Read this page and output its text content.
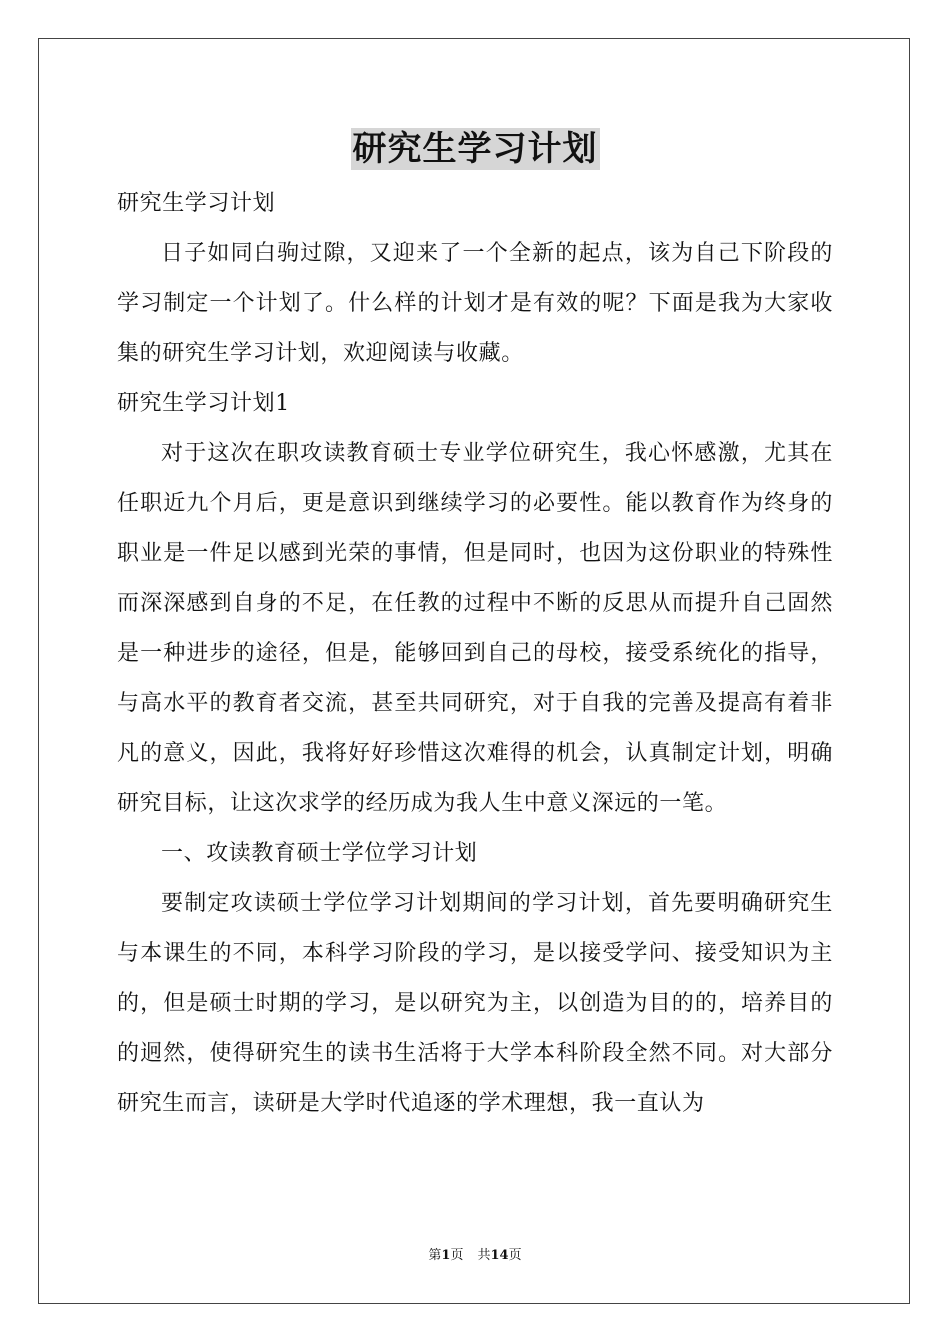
研究生学习计划

研究生学习计划

日子如同白驹过隙，又迎来了一个全新的起点，该为自己下阶段的学习制定一个计划了。什么样的计划才是有效的呢？下面是我为大家收集的研究生学习计划，欢迎阅读与收藏。

研究生学习计划1

对于这次在职攻读教育硕士专业学位研究生，我心怀感激，尤其在任职近九个月后，更是意识到继续学习的必要性。能以教育作为终身的职业是一件足以感到光荣的事情，但是同时，也因为这份职业的特殊性而深深感到自身的不足，在任教的过程中不断的反思从而提升自己固然是一种进步的途径，但是，能够回到自己的母校，接受系统化的指导，与高水平的教育者交流，甚至共同研究，对于自我的完善及提高有着非凡的意义，因此，我将好好珍惜这次难得的机会，认真制定计划，明确研究目标，让这次求学的经历成为我人生中意义深远的一笔。

一、攻读教育硕士学位学习计划

要制定攻读硕士学位学习计划期间的学习计划，首先要明确研究生与本课生的不同，本科学习阶段的学习，是以接受学问、接受知识为主的，但是硕士时期的学习，是以研究为主，以创造为目的的，培养目的的迥然，使得研究生的读书生活将于大学本科阶段全然不同。对大部分研究生而言，读研是大学时代追逐的学术理想，我一直认为

第1页 共14页
